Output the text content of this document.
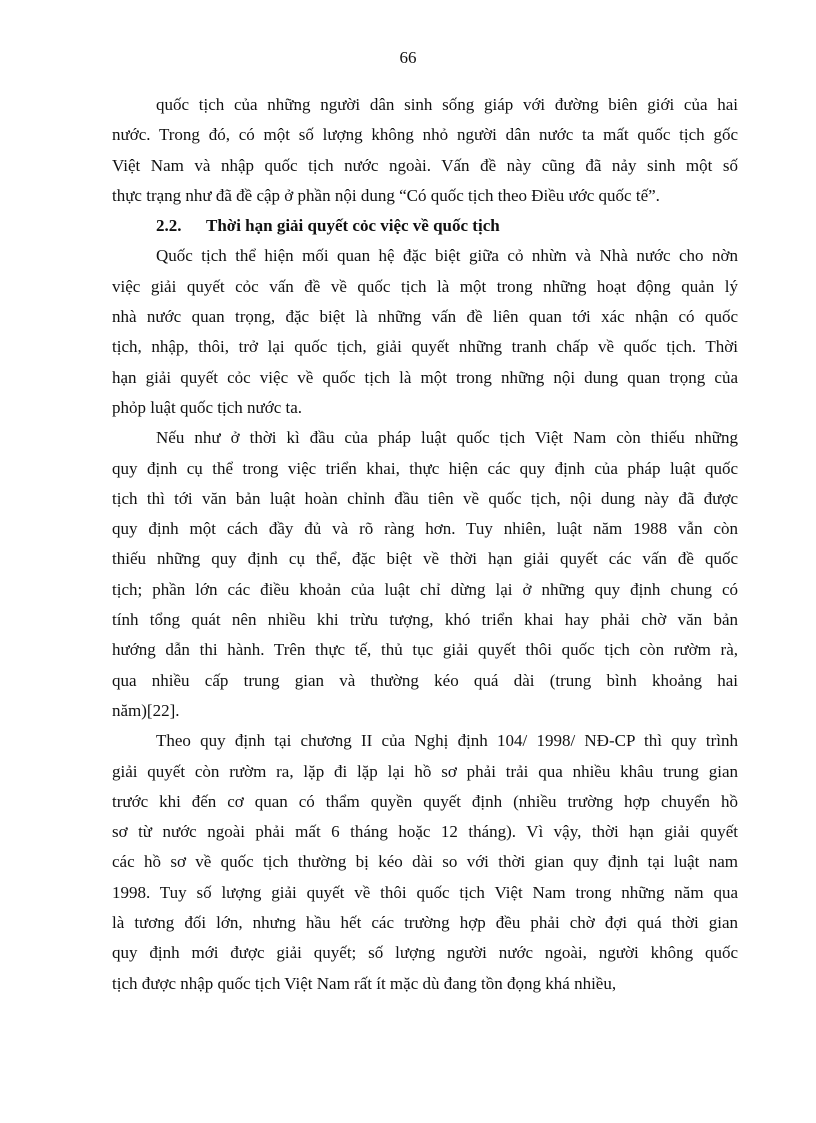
66
quốc tịch của những người dân sinh sống giáp với đường biên giới của hai
nước. Trong đó, có một số lượng không nhỏ người dân nước ta mất quốc tịch gốc
Việt Nam và nhập quốc tịch nước ngoài. Vấn đề này cũng đã nảy sinh một số
thực trạng như đã đề cập ở phần nội dung “Có quốc tịch theo Điều ước quốc tế”.
2.2. Thời hạn giải quyết cỏc việc về quốc tịch
Quốc tịch thể hiện mối quan hệ đặc biệt giữa cỏ nhừn và Nhà nước cho nờn
việc giải quyết cỏc vấn đề về quốc tịch là một trong những hoạt động quản lý
nhà nước quan trọng, đặc biệt là những vấn đề liên quan tới xác nhận có quốc
tịch, nhập, thôi, trở lại quốc tịch, giải quyết những tranh chấp về quốc tịch. Thời
hạn giải quyết cỏc việc về quốc tịch là một trong những nội dung quan trọng của
phỏp luật quốc tịch nước ta.
Nếu như ở thời kì đầu của pháp luật quốc tịch Việt Nam còn thiếu những
quy định cụ thể trong việc triển khai, thực hiện các quy định của pháp luật quốc
tịch thì tới văn bản luật hoàn chỉnh đầu tiên về quốc tịch, nội dung này đã được
quy định một cách đầy đủ và rõ ràng hơn. Tuy nhiên, luật năm 1988 vẫn còn
thiếu những quy định cụ thể, đặc biệt về thời hạn giải quyết các vấn đề quốc
tịch; phần lớn các điều khoản của luật chỉ dừng lại ở những quy định chung có
tính tổng quát nên nhiều khi trừu tượng, khó triển khai hay phải chờ văn bản
hướng dẫn thi hành. Trên thực tế, thủ tục giải quyết thôi quốc tịch còn rườm rà,
qua nhiều cấp trung gian và thường kéo quá dài (trung bình khoảng hai
năm)[22].
Theo quy định tại chương II của Nghị định 104/ 1998/ NĐ-CP thì quy trình
giải quyết còn rườm ra, lặp đi lặp lại hồ sơ phải trải qua nhiều khâu trung gian
trước khi đến cơ quan có thẩm quyền quyết định (nhiều trường hợp chuyển hồ
sơ từ nước ngoài phải mất 6 tháng hoặc 12 tháng). Vì vậy, thời hạn giải quyết
các hồ sơ về quốc tịch thường bị kéo dài so với thời gian quy định tại luật nam
1998. Tuy số lượng giải quyết về thôi quốc tịch Việt Nam trong những năm qua
là tương đối lớn, nhưng hầu hết các trường hợp đều phải chờ đợi quá thời gian
quy định mới được giải quyết; số lượng người nước ngoài, người không quốc
tịch được nhập quốc tịch Việt Nam rất ít mặc dù đang tồn đọng khá nhiều,
